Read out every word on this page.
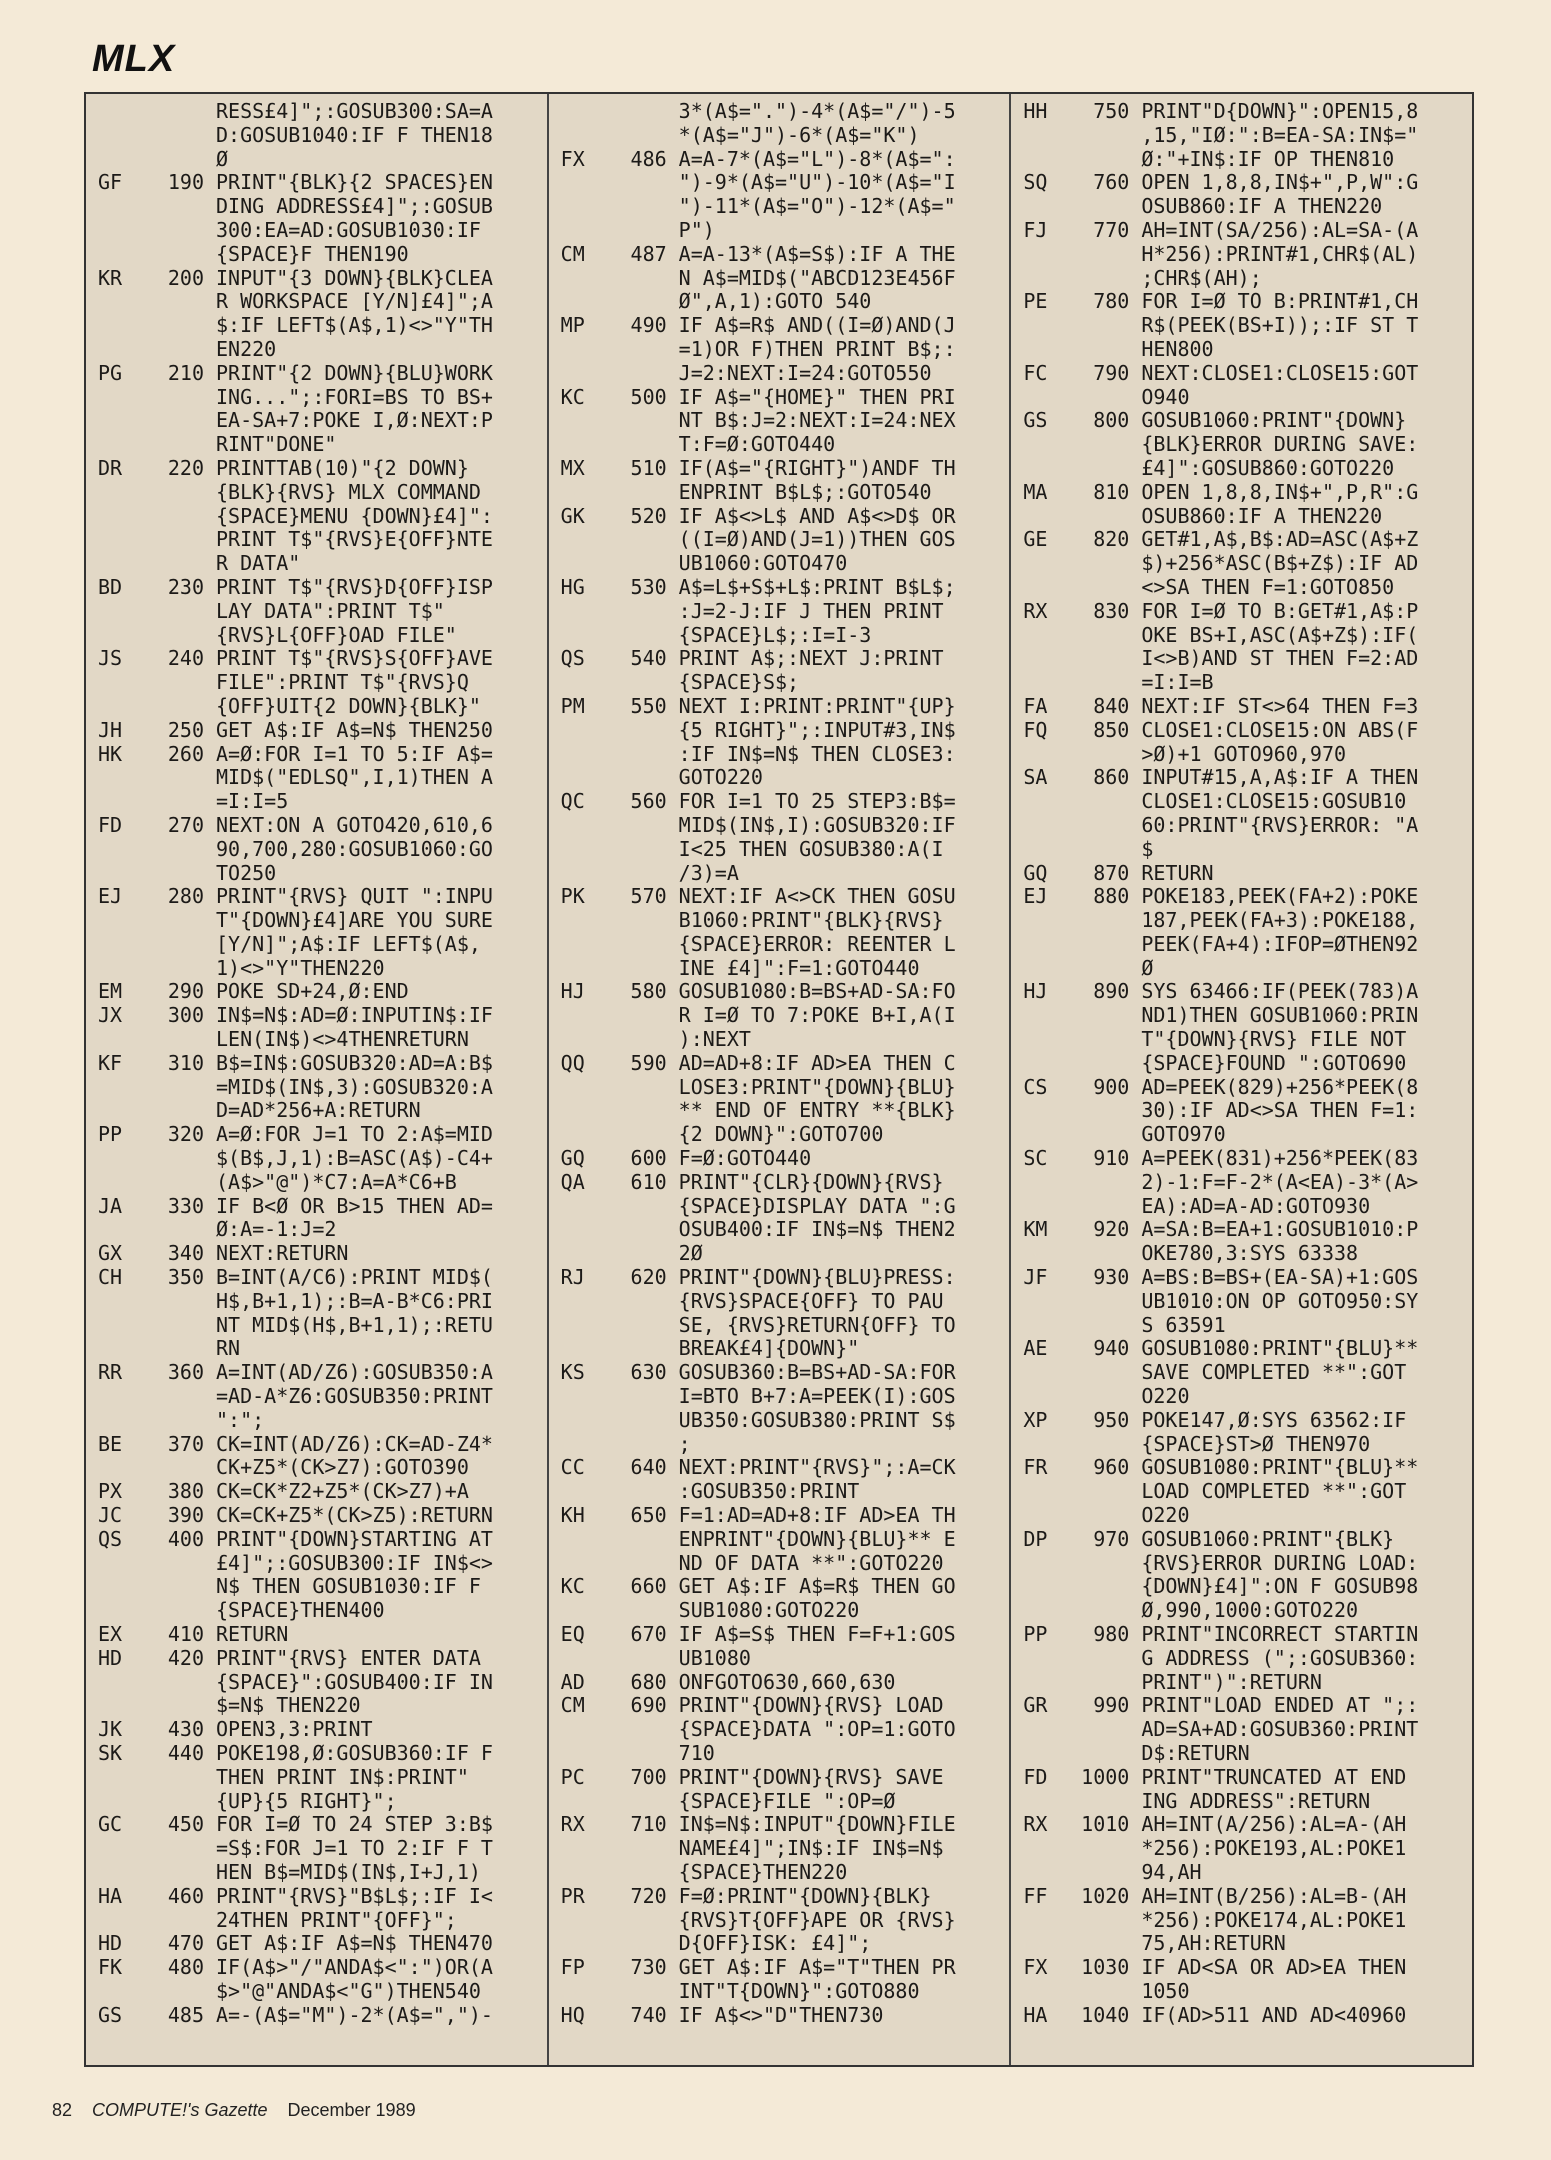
MLX
RESS£4]";:GOSUB300:SA=A
D:GOSUB1040:IF F THEN18
Ø
GF	190 PRINT"{BLK}{2 SPACES}EN
DING ADDRESS£4]";:GOSUB
300:EA=AD:GOSUB1030:IF
{SPACE}F THEN190
KR	200 INPUT"{3 DOWN}{BLK}CLEA
R WORKSPACE [Y/N]£4]";A
$:IF LEFT$(A$,1)<>"Y"TH
EN220
PG	210 PRINT"{2 DOWN}{BLU}WORK
ING...";:FORI=BS TO BS+
EA-SA+7:POKE I,Ø:NEXT:P
RINT"DONE"
DR	220 PRINTTAB(10)"{2 DOWN}
{BLK}{RVS} MLX COMMAND
{SPACE}MENU {DOWN}£4]":
PRINT T$"{RVS}E{OFF}NTE
R DATA"
BD	230 PRINT T$"{RVS}D{OFF}ISP
LAY DATA":PRINT T$"
{RVS}L{OFF}OAD FILE"
JS	240 PRINT T$"{RVS}S{OFF}AVE
FILE":PRINT T$"{RVS}Q
{OFF}UIT{2 DOWN}{BLK}"
JH	250 GET A$:IF A$=N$ THEN250
HK	260 A=Ø:FOR I=1 TO 5:IF A$=
MID$("EDLSQ",I,1)THEN A
=I:I=5
FD	270 NEXT:ON A GOTO420,610,6
90,700,280:GOSUB1060:GO
TO250
EJ	280 PRINT"{RVS} QUIT ":INPU
T"{DOWN}£4]ARE YOU SURE
[Y/N]";A$:IF LEFT$(A$,
1)<>"Y"THEN220
EM	290 POKE SD+24,Ø:END
JX	300 IN$=N$:AD=Ø:INPUTIN$:IF
LEN(IN$)<>4THENRETURN
KF	310 B$=IN$:GOSUB320:AD=A:B$
=MID$(IN$,3):GOSUB320:A
D=AD*256+A:RETURN
PP	320 A=Ø:FOR J=1 TO 2:A$=MID
$(B$,J,1):B=ASC(A$)-C4+
(A$>"@")*C7:A=A*C6+B
JA	330 IF B<Ø OR B>15 THEN AD=
Ø:A=-1:J=2
GX	340 NEXT:RETURN
CH	350 B=INT(A/C6):PRINT MID$(
H$,B+1,1);:B=A-B*C6:PRI
NT MID$(H$,B+1,1);:RETU
RN
RR	360 A=INT(AD/Z6):GOSUB350:A
=AD-A*Z6:GOSUB350:PRINT
":";
BE	370 CK=INT(AD/Z6):CK=AD-Z4*
CK+Z5*(CK>Z7):GOTO390
PX	380 CK=CK*Z2+Z5*(CK>Z7)+A
JC	390 CK=CK+Z5*(CK>Z5):RETURN
QS	400 PRINT"{DOWN}STARTING AT
£4]";:GOSUB300:IF IN$<>
N$ THEN GOSUB1030:IF F
{SPACE}THEN400
EX	410 RETURN
HD	420 PRINT"{RVS} ENTER DATA
{SPACE}":GOSUB400:IF IN
$=N$ THEN220
JK	430 OPEN3,3:PRINT
SK	440 POKE198,Ø:GOSUB360:IF F
THEN PRINT IN$:PRINT"
{UP}{5 RIGHT}";
GC	450 FOR I=Ø TO 24 STEP 3:B$
=S$:FOR J=1 TO 2:IF F T
HEN B$=MID$(IN$,I+J,1)
HA	460 PRINT"{RVS}"B$L$;:IF I<
24THEN PRINT"{OFF}";
HD	470 GET A$:IF A$=N$ THEN470
FK	480 IF(A$>"/"ANDA$<":")OR(A
$>"@"ANDA$<"G")THEN540
GS	485 A=-(A$="M")-2*(A$=",")-
3*(A$=".")-4*(A$="/")-5
*(A$="J")-6*(A$="K")
FX	486 A=A-7*(A$="L")-8*(A$=":
")-9*(A$="U")-10*(A$="I
")-11*(A$="O")-12*(A$="
P")
CM	487 A=A-13*(A$=S$):IF A THE
N A$=MID$("ABCD123E456F
Ø",A,1):GOTO 540
MP	490 IF A$=R$ AND((I=Ø)AND(J
=1)OR F)THEN PRINT B$;:
J=2:NEXT:I=24:GOTO550
KC	500 IF A$="{HOME}" THEN PRI
NT B$:J=2:NEXT:I=24:NEX
T:F=Ø:GOTO440
MX	510 IF(A$="{RIGHT}")ANDF TH
ENPRINT B$L$;:GOTO540
GK	520 IF A$<>L$ AND A$<>D$ OR
((I=Ø)AND(J=1))THEN GOS
UB1060:GOTO470
HG	530 A$=L$+S$+L$:PRINT B$L$;
:J=2-J:IF J THEN PRINT
{SPACE}L$;:I=I-3
QS	540 PRINT A$;:NEXT J:PRINT
{SPACE}S$;
PM	550 NEXT I:PRINT:PRINT"{UP}
{5 RIGHT}";:INPUT#3,IN$
:IF IN$=N$ THEN CLOSE3:
GOTO220
QC	560 FOR I=1 TO 25 STEP3:B$=
MID$(IN$,I):GOSUB320:IF
I<25 THEN GOSUB380:A(I
/3)=A
PK	570 NEXT:IF A<>CK THEN GOSU
B1060:PRINT"{BLK}{RVS}
{SPACE}ERROR: REENTER L
INE £4]":F=1:GOTO440
HJ	580 GOSUB1080:B=BS+AD-SA:FO
R I=Ø TO 7:POKE B+I,A(I
):NEXT
QQ	590 AD=AD+8:IF AD>EA THEN C
LOSE3:PRINT"{DOWN}{BLU}
** END OF ENTRY **{BLK}
{2 DOWN}":GOTO700
GQ	600 F=Ø:GOTO440
QA	610 PRINT"{CLR}{DOWN}{RVS}
{SPACE}DISPLAY DATA ":G
OSUB400:IF IN$=N$ THEN2
2Ø
RJ	620 PRINT"{DOWN}{BLU}PRESS:
{RVS}SPACE{OFF} TO PAU
SE, {RVS}RETURN{OFF} TO
BREAK£4]{DOWN}"
KS	630 GOSUB360:B=BS+AD-SA:FOR
I=BTO B+7:A=PEEK(I):GOS
UB350:GOSUB380:PRINT S$
;
CC	640 NEXT:PRINT"{RVS}";:A=CK
:GOSUB350:PRINT
KH	650 F=1:AD=AD+8:IF AD>EA TH
ENPRINT"{DOWN}{BLU}** E
ND OF DATA **":GOTO220
KC	660 GET A$:IF A$=R$ THEN GO
SUB1080:GOTO220
EQ	670 IF A$=S$ THEN F=F+1:GOS
UB1080
AD	680 ONFGOTO630,660,630
CM	690 PRINT"{DOWN}{RVS} LOAD
{SPACE}DATA ":OP=1:GOTO
710
PC	700 PRINT"{DOWN}{RVS} SAVE
{SPACE}FILE ":OP=Ø
RX	710 IN$=N$:INPUT"{DOWN}FILE
NAME£4]";IN$:IF IN$=N$
{SPACE}THEN220
PR	720 F=Ø:PRINT"{DOWN}{BLK}
{RVS}T{OFF}APE OR {RVS}
D{OFF}ISK: £4]";
FP	730 GET A$:IF A$="T"THEN PR
INT"T{DOWN}":GOTO880
HQ	740 IF A$<>"D"THEN730
HH	750 PRINT"D{DOWN}":OPEN15,8
,15,"IØ:":B=EA-SA:IN$="
Ø:"+IN$:IF OP THEN810
SQ	760 OPEN 1,8,8,IN$+",P,W":G
OSUB860:IF A THEN220
FJ	770 AH=INT(SA/256):AL=SA-(A
H*256):PRINT#1,CHR$(AL)
;CHR$(AH);
PE	780 FOR I=Ø TO B:PRINT#1,CH
R$(PEEK(BS+I));:IF ST T
HEN800
FC	790 NEXT:CLOSE1:CLOSE15:GOT
O940
GS	800 GOSUB1060:PRINT"{DOWN}
{BLK}ERROR DURING SAVE:
£4]":GOSUB860:GOTO220
MA	810 OPEN 1,8,8,IN$+",P,R":G
OSUB860:IF A THEN220
GE	820 GET#1,A$,B$:AD=ASC(A$+Z
$)+256*ASC(B$+Z$):IF AD
<>SA THEN F=1:GOTO850
RX	830 FOR I=Ø TO B:GET#1,A$:P
OKE BS+I,ASC(A$+Z$):IF(
I<>B)AND ST THEN F=2:AD
=I:I=B
FA	840 NEXT:IF ST<>64 THEN F=3
FQ	850 CLOSE1:CLOSE15:ON ABS(F
>Ø)+1 GOTO960,970
SA	860 INPUT#15,A,A$:IF A THEN
CLOSE1:CLOSE15:GOSUB10
60:PRINT"{RVS}ERROR: "A
$
GQ	870 RETURN
EJ	880 POKE183,PEEK(FA+2):POKE
187,PEEK(FA+3):POKE188,
PEEK(FA+4):IFOP=ØTHEN92
Ø
HJ	890 SYS 63466:IF(PEEK(783)A
ND1)THEN GOSUB1060:PRIN
T"{DOWN}{RVS} FILE NOT
{SPACE}FOUND ":GOTO690
CS	900 AD=PEEK(829)+256*PEEK(8
30):IF AD<>SA THEN F=1:
GOTO970
SC	910 A=PEEK(831)+256*PEEK(83
2)-1:F=F-2*(A<EA)-3*(A>
EA):AD=A-AD:GOTO930
KM	920 A=SA:B=EA+1:GOSUB1010:P
OKE780,3:SYS 63338
JF	930 A=BS:B=BS+(EA-SA)+1:GOS
UB1010:ON OP GOTO950:SY
S 63591
AE	940 GOSUB1080:PRINT"{BLU}**
SAVE COMPLETED **":GOT
O220
XP	950 POKE147,Ø:SYS 63562:IF
{SPACE}ST>Ø THEN970
FR	960 GOSUB1080:PRINT"{BLU}**
LOAD COMPLETED **":GOT
O220
DP	970 GOSUB1060:PRINT"{BLK}
{RVS}ERROR DURING LOAD:
{DOWN}£4]":ON F GOSUB98
Ø,990,1000:GOTO220
PP	980 PRINT"INCORRECT STARTIN
G ADDRESS (";:GOSUB360:
PRINT")":RETURN
GR	990 PRINT"LOAD ENDED AT ";:
AD=SA+AD:GOSUB360:PRINT
D$:RETURN
FD	1000 PRINT"TRUNCATED AT END
ING ADDRESS":RETURN
RX	1010 AH=INT(A/256):AL=A-(AH
*256):POKE193,AL:POKE1
94,AH
FF	1020 AH=INT(B/256):AL=B-(AH
*256):POKE174,AL:POKE1
75,AH:RETURN
FX	1030 IF AD<SA OR AD>EA THEN
1050
HA	1040 IF(AD>511 AND AD<40960
82 COMPUTE!'s Gazette December 1989
